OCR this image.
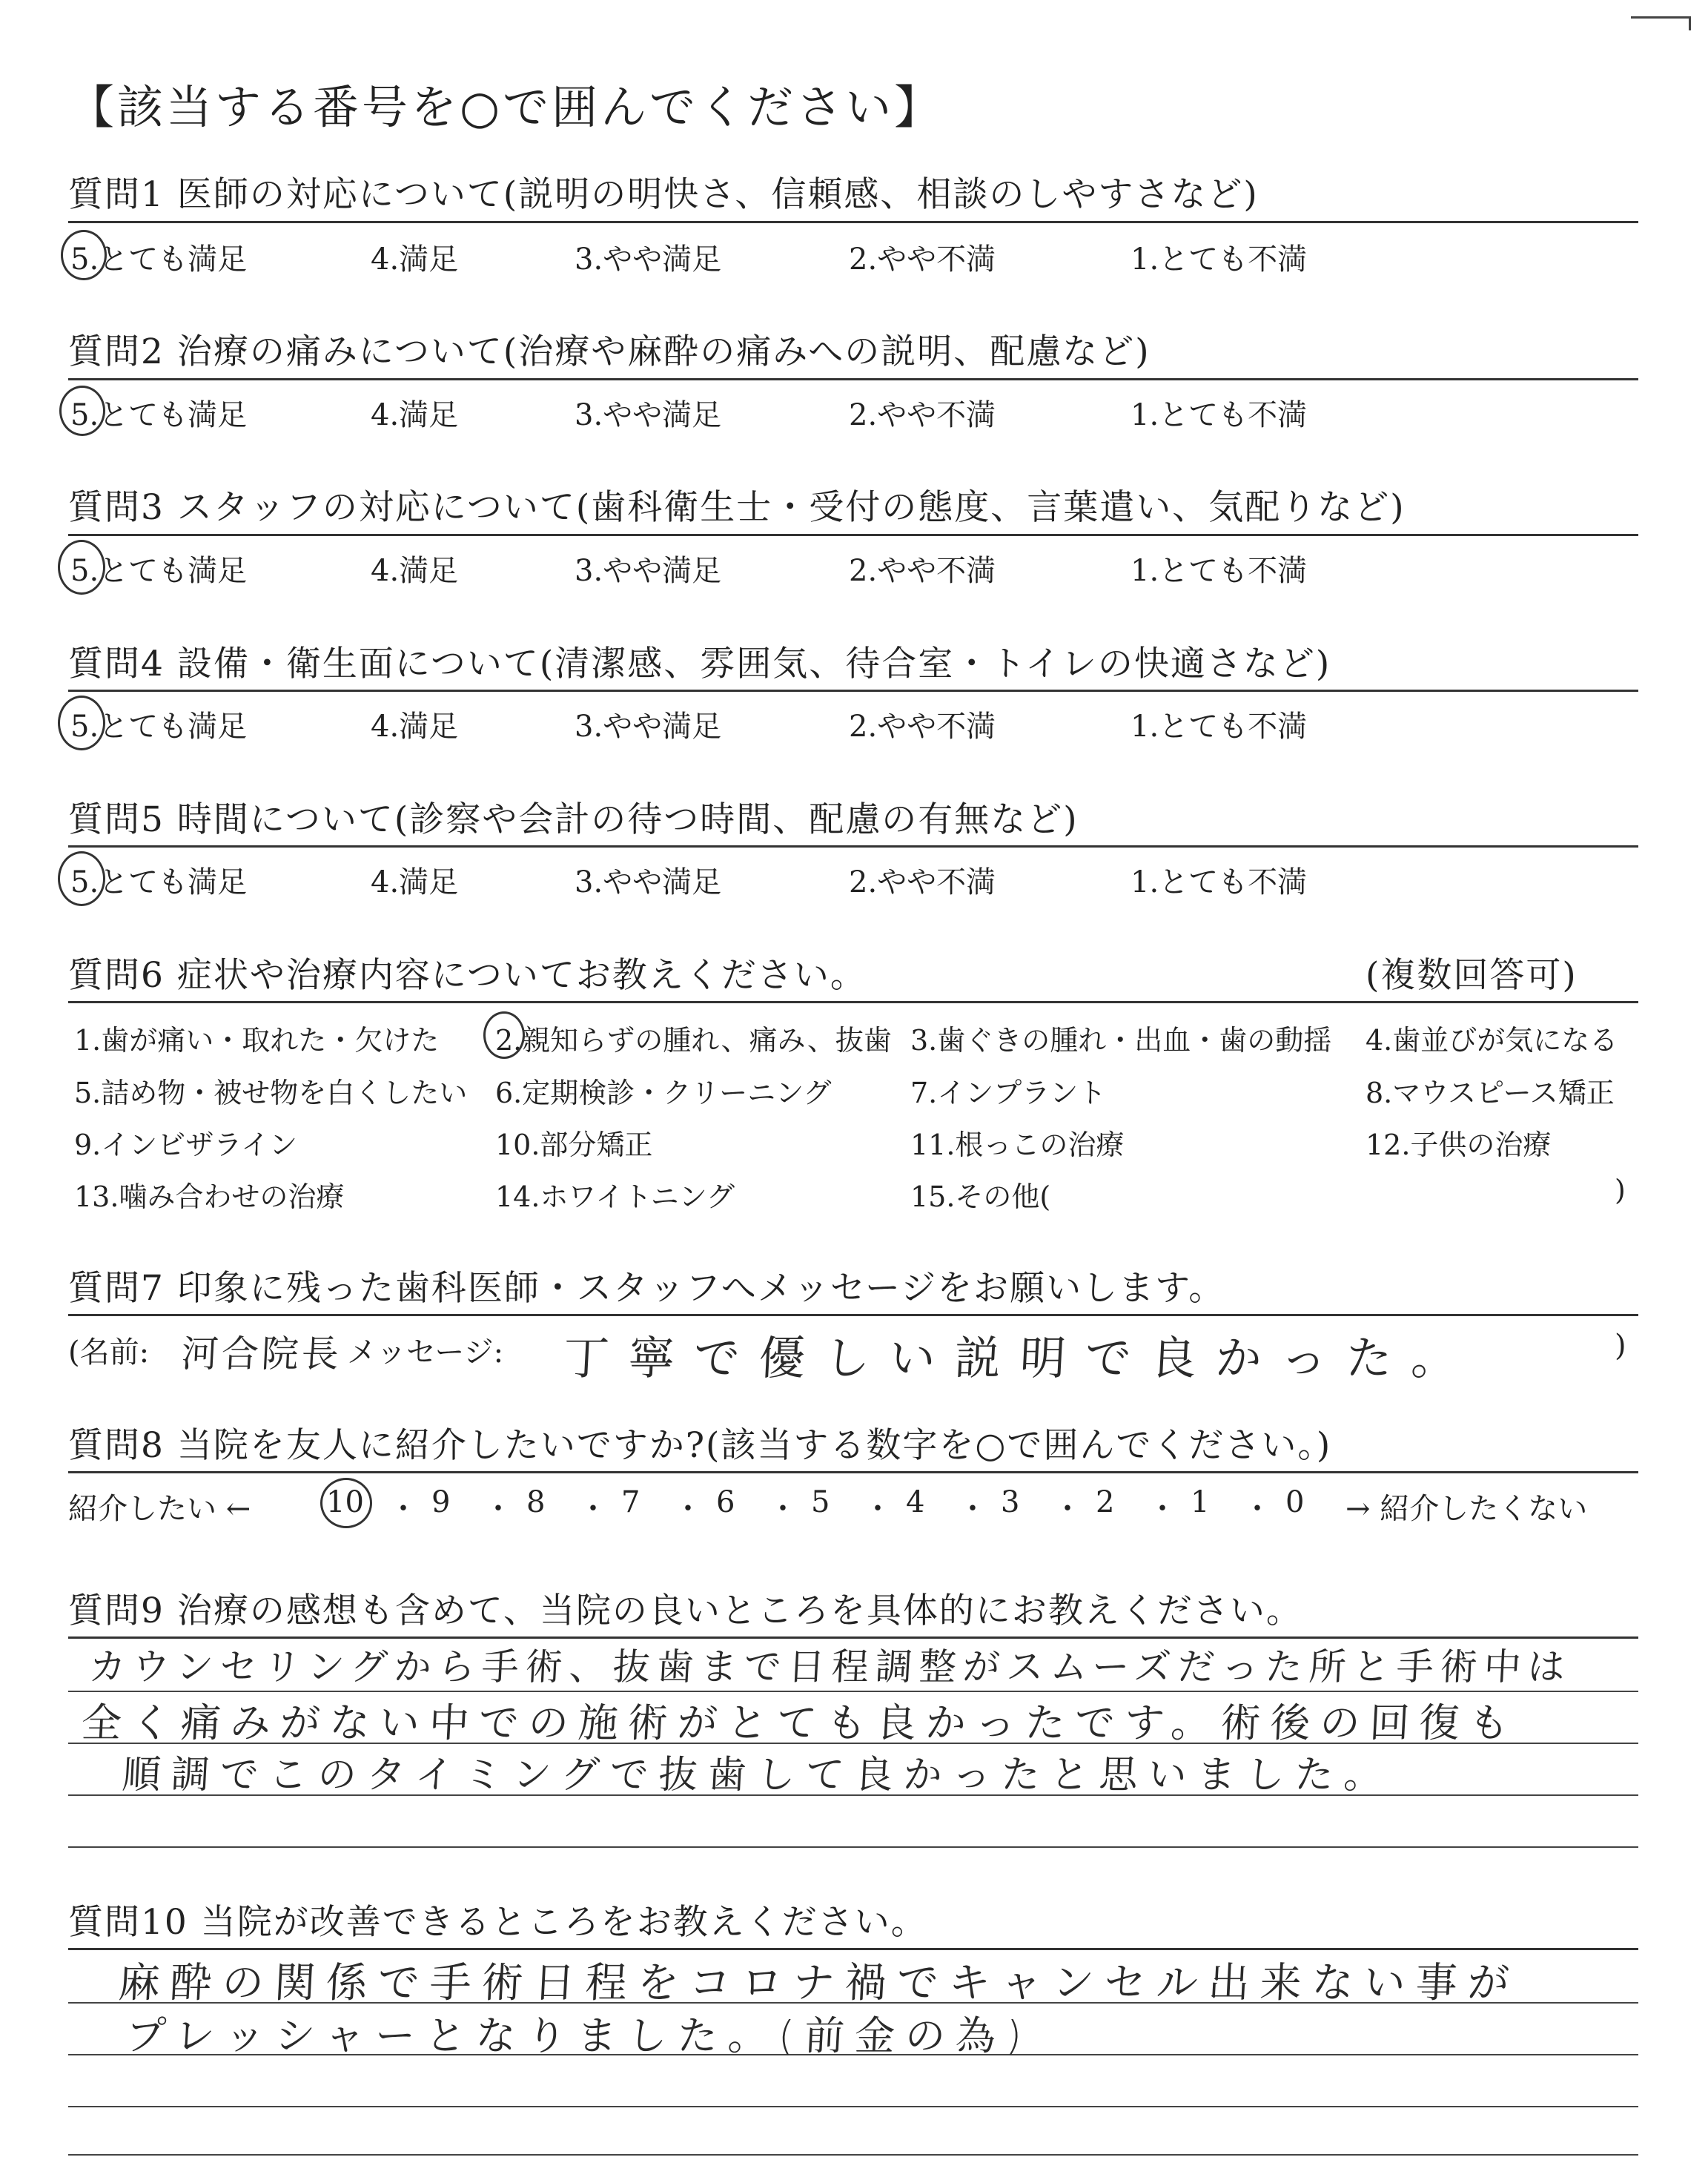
【該当する番号を○で囲んでください】
質問1 医師の対応について(説明の明快さ、信頼感、相談のしやすさなど)
5.とても満足	4.満足	3.やや満足	2.やや不満	1.とても不満
質問2 治療の痛みについて(治療や麻酔の痛みへの説明、配慮など)
5.とても満足	4.満足	3.やや満足	2.やや不満	1.とても不満
質問3 スタッフの対応について(歯科衛生士・受付の態度、言葉遣い、気配りなど)
5.とても満足	4.満足	3.やや満足	2.やや不満	1.とても不満
質問4 設備・衛生面について(清潔感、雰囲気、待合室・トイレの快適さなど)
5.とても満足	4.満足	3.やや満足	2.やや不満	1.とても不満
質問5 時間について(診察や会計の待つ時間、配慮の有無など)
5.とても満足	4.満足	3.やや満足	2.やや不満	1.とても不満
質問6 症状や治療内容についてお教えください。	(複数回答可)
1.歯が痛い・取れた・欠けた 2.親知らずの腫れ、痛み、抜歯 3.歯ぐきの腫れ・出血・歯の動揺 4.歯並びが気になる
5.詰め物・被せ物を白くしたい 6.定期検診・クリーニング	7.インプラント	8.マウスピース矯正
9.インビザライン	10.部分矯正	11.根っこの治療	12.子供の治療
13.噛み合わせの治療	14.ホワイトニング	15.その他(	)
質問7 印象に残った歯科医師・スタッフへメッセージをお願いします。
(名前: 河合院長 メッセージ: 丁寧で優しい説明で良かった。	)
質問8 当院を友人に紹介したいですか?(該当する数字を○で囲んでください。)
紹介したい ←	10 ・ 9 ・ 8 ・ 7 ・ 6 ・ 5 ・ 4 ・ 3 ・ 2 ・ 1 ・ 0 → 紹介したくない
質問9 治療の感想も含めて、当院の良いところを具体的にお教えください。
カウンセリングから手術、抜歯まで日程調整がスムーズだった所と手術中は
全く痛みがない中での施術がとても良かったです。術後の回復も
順調でこのタイミングで抜歯して良かったと思いました。
質問10 当院が改善できるところをお教えください。
麻酔の関係で手術日程をコロナ禍でキャンセル出来ない事が
プレッシャーとなりました。(前金の為)
